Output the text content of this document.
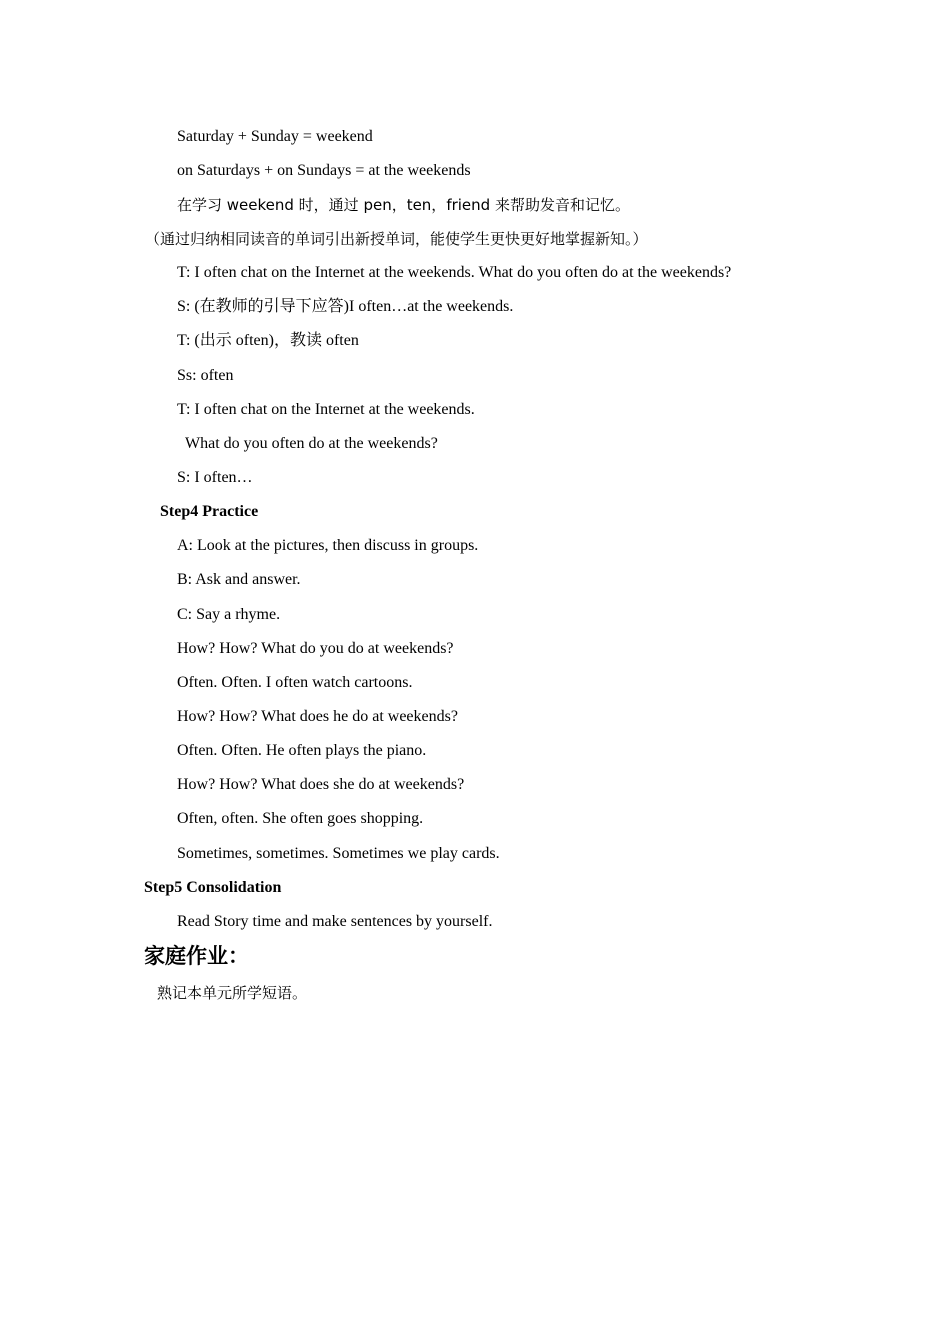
Saturday + Sunday = weekend
on Saturdays + on Sundays = at the weekends
在学习 weekend 时，通过 pen，ten，friend 来帮助发音和记忆。
（通过归纳相同读音的单词引出新授单词，能使学生更快更好地掌握新知。）
T: I often chat on the Internet at the weekends. What do you often do at the weekends?
S: (在教师的引导下应答)I often…at the weekends.
T: (出示 often)，教读 often
Ss: often
T: I often chat on the Internet at the weekends.
What do you often do at the weekends?
S: I often…
Step4 Practice
A: Look at the pictures, then discuss in groups.
B: Ask and answer.
C: Say a rhyme.
How? How? What do you do at weekends?
Often. Often. I often watch cartoons.
How? How? What does he do at weekends?
Often. Often. He often plays the piano.
How? How? What does she do at weekends?
Often, often. She often goes shopping.
Sometimes, sometimes. Sometimes we play cards.
Step5 Consolidation
Read Story time and make sentences by yourself.
家庭作业：
熟记本单元所学短语。
